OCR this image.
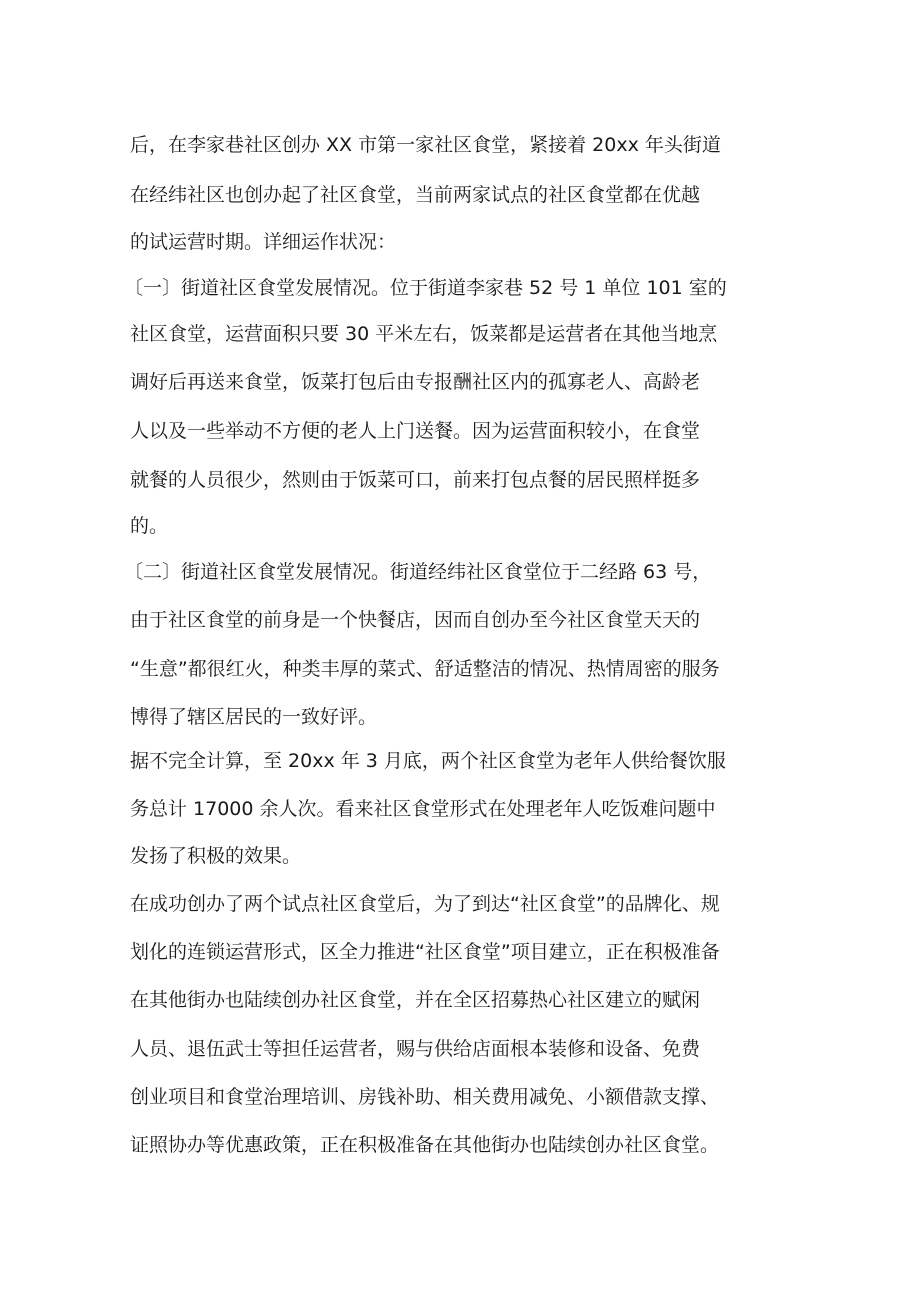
后，在李家巷社区创办 XX 市第一家社区食堂，紧接着 20xx 年头街道
在经纬社区也创办起了社区食堂，当前两家试点的社区食堂都在优越
的试运营时期。详细运作状况：
〔一〕街道社区食堂发展情况。位于街道李家巷 52 号 1 单位 101 室的
社区食堂，运营面积只要 30 平米左右，饭菜都是运营者在其他当地烹
调好后再送来食堂，饭菜打包后由专报酬社区内的孤寡老人、高龄老
人以及一些举动不方便的老人上门送餐。因为运营面积较小，在食堂
就餐的人员很少，然则由于饭菜可口，前来打包点餐的居民照样挺多
的。
〔二〕街道社区食堂发展情况。街道经纬社区食堂位于二经路 63 号，
由于社区食堂的前身是一个快餐店，因而自创办至今社区食堂天天的
“生意”都很红火，种类丰厚的菜式、舒适整洁的情况、热情周密的服务
博得了辖区居民的一致好评。
据不完全计算，至 20xx 年 3 月底，两个社区食堂为老年人供给餐饮服
务总计 17000 余人次。看来社区食堂形式在处理老年人吃饭难问题中
发扬了积极的效果。
在成功创办了两个试点社区食堂后，为了到达“社区食堂”的品牌化、规
划化的连锁运营形式，区全力推进“社区食堂”项目建立，正在积极准备
在其他街办也陆续创办社区食堂，并在全区招募热心社区建立的赋闲
人员、退伍武士等担任运营者，赐与供给店面根本装修和设备、免费
创业项目和食堂治理培训、房钱补助、相关费用减免、小额借款支撑、
证照协办等优惠政策，正在积极准备在其他街办也陆续创办社区食堂。
